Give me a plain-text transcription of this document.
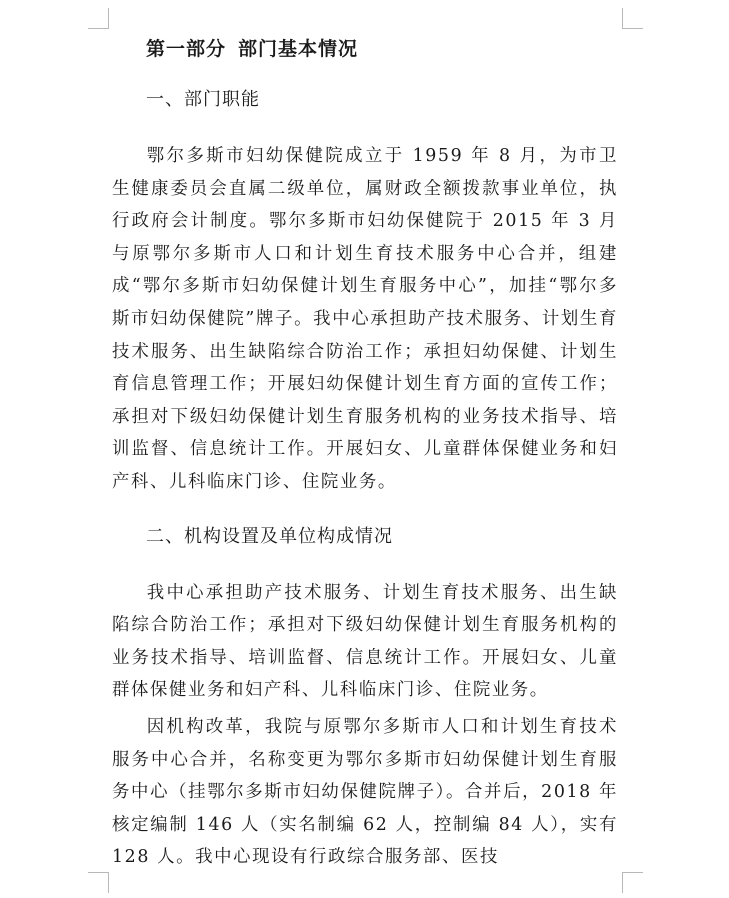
第一部分 部门基本情况
一、部门职能

鄂尔多斯市妇幼保健院成立于 1959 年 8 月，为市卫生健康委员会直属二级单位，属财政全额拨款事业单位，执行政府会计制度。鄂尔多斯市妇幼保健院于 2015 年 3 月与原鄂尔多斯市人口和计划生育技术服务中心合并，组建成“鄂尔多斯市妇幼保健计划生育服务中心”，加挂“鄂尔多斯市妇幼保健院”牌子。我中心承担助产技术服务、计划生育技术服务、出生缺陷综合防治工作；承担妇幼保健、计划生育信息管理工作；开展妇幼保健计划生育方面的宣传工作；承担对下级妇幼保健计划生育服务机构的业务技术指导、培训监督、信息统计工作。开展妇女、儿童群体保健业务和妇产科、儿科临床门诊、住院业务。

二、机构设置及单位构成情况

我中心承担助产技术服务、计划生育技术服务、出生缺陷综合防治工作；承担对下级妇幼保健计划生育服务机构的业务技术指导、培训监督、信息统计工作。开展妇女、儿童群体保健业务和妇产科、儿科临床门诊、住院业务。

因机构改革，我院与原鄂尔多斯市人口和计划生育技术服务中心合并，名称变更为鄂尔多斯市妇幼保健计划生育服务中心（挂鄂尔多斯市妇幼保健院牌子）。合并后，2018 年核定编制 146 人（实名制编 62 人，控制编 84 人），实有 128 人。我中心现设有行政综合服务部、医技
